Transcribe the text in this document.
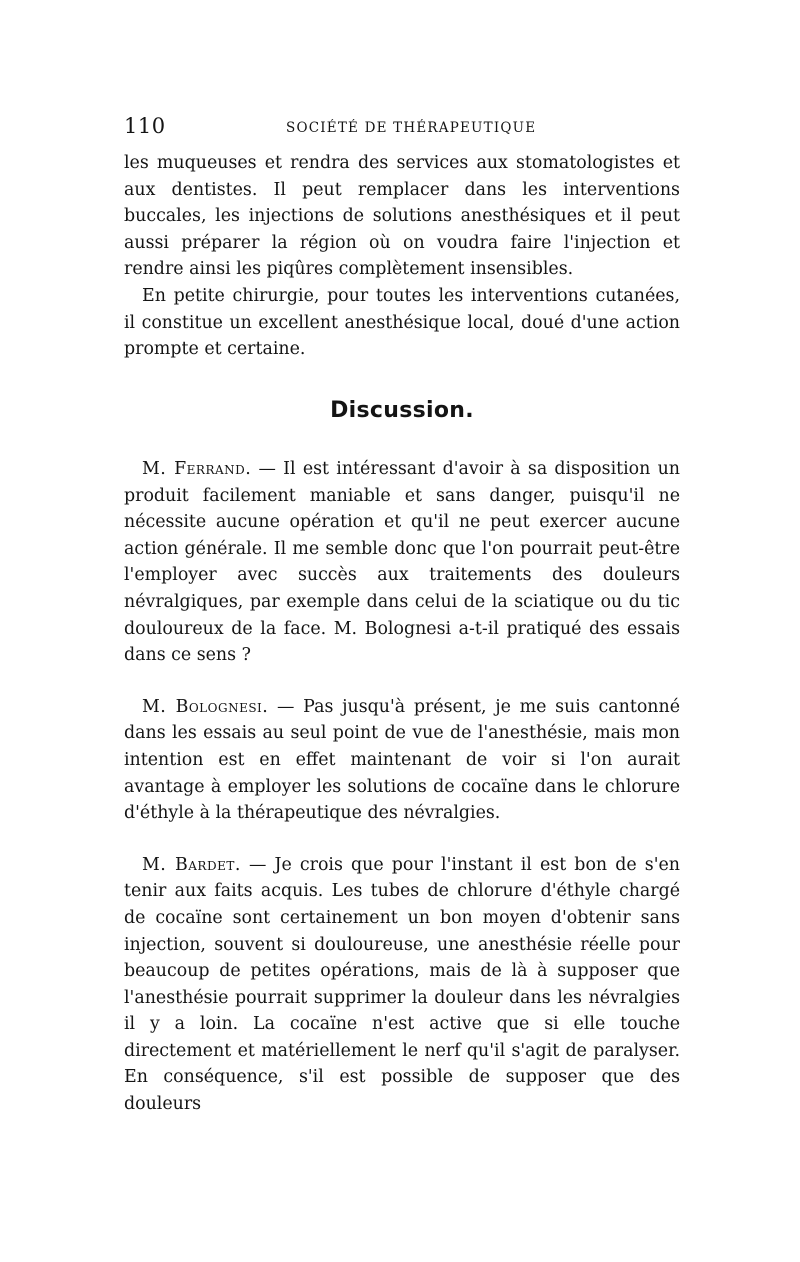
110	SOCIÉTÉ DE THÉRAPEUTIQUE

les muqueuses et rendra des services aux stomatologistes et aux dentistes. Il peut remplacer dans les interventions buccales, les injections de solutions anesthésiques et il peut aussi préparer la région où on voudra faire l'injection et rendre ainsi les piqûres complètement insensibles.

En petite chirurgie, pour toutes les interventions cutanées, il constitue un excellent anesthésique local, doué d'une action prompte et certaine.

Discussion.

M. Ferrand. — Il est intéressant d'avoir à sa disposition un produit facilement maniable et sans danger, puisqu'il ne nécessite aucune opération et qu'il ne peut exercer aucune action générale. Il me semble donc que l'on pourrait peut-être l'employer avec succès aux traitements des douleurs névralgiques, par exemple dans celui de la sciatique ou du tic douloureux de la face. M. Bolognesi a-t-il pratiqué des essais dans ce sens ?

M. Bolognesi. — Pas jusqu'à présent, je me suis cantonné dans les essais au seul point de vue de l'anesthésie, mais mon intention est en effet maintenant de voir si l'on aurait avantage à employer les solutions de cocaïne dans le chlorure d'éthyle à la thérapeutique des névralgies.

M. Bardet. — Je crois que pour l'instant il est bon de s'en tenir aux faits acquis. Les tubes de chlorure d'éthyle chargé de cocaïne sont certainement un bon moyen d'obtenir sans injection, souvent si douloureuse, une anesthésie réelle pour beaucoup de petites opérations, mais de là à supposer que l'anesthésie pourrait supprimer la douleur dans les névralgies il y a loin. La cocaïne n'est active que si elle touche directement et matériellement le nerf qu'il s'agit de paralyser. En conséquence, s'il est possible de supposer que des douleurs
